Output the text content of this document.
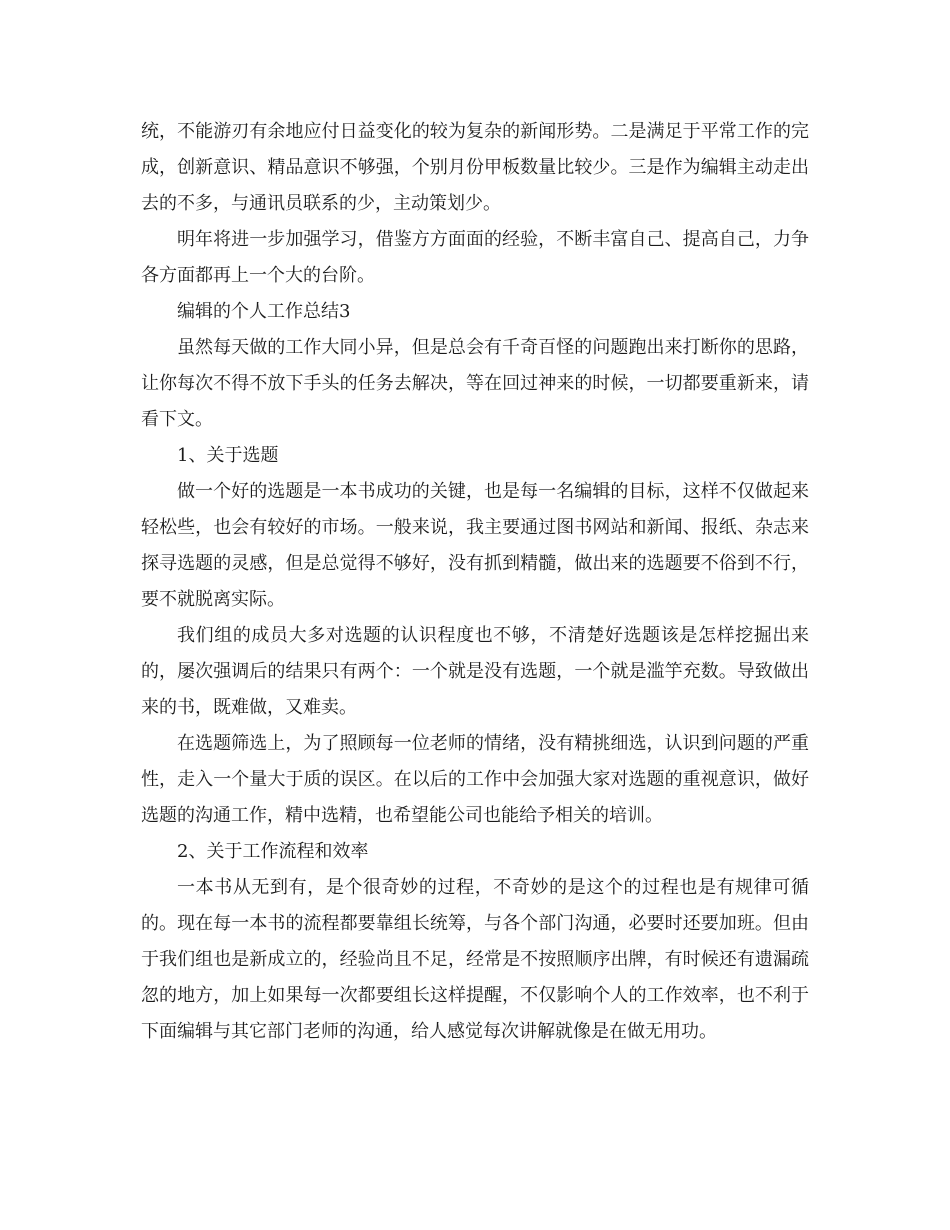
统，不能游刃有余地应付日益变化的较为复杂的新闻形势。二是满足于平常工作的完成，创新意识、精品意识不够强，个别月份甲板数量比较少。三是作为编辑主动走出去的不多，与通讯员联系的少，主动策划少。

明年将进一步加强学习，借鉴方方面面的经验，不断丰富自己、提高自己，力争各方面都再上一个大的台阶。

编辑的个人工作总结3

虽然每天做的工作大同小异，但是总会有千奇百怪的问题跑出来打断你的思路，让你每次不得不放下手头的任务去解决，等在回过神来的时候，一切都要重新来，请看下文。

1、关于选题

做一个好的选题是一本书成功的关键，也是每一名编辑的目标，这样不仅做起来轻松些，也会有较好的市场。一般来说，我主要通过图书网站和新闻、报纸、杂志来探寻选题的灵感，但是总觉得不够好，没有抓到精髓，做出来的选题要不俗到不行，要不就脱离实际。

我们组的成员大多对选题的认识程度也不够，不清楚好选题该是怎样挖掘出来的，屡次强调后的结果只有两个：一个就是没有选题，一个就是滥竽充数。导致做出来的书，既难做，又难卖。

在选题筛选上，为了照顾每一位老师的情绪，没有精挑细选，认识到问题的严重性，走入一个量大于质的误区。在以后的工作中会加强大家对选题的重视意识，做好选题的沟通工作，精中选精，也希望能公司也能给予相关的培训。

2、关于工作流程和效率

一本书从无到有，是个很奇妙的过程，不奇妙的是这个的过程也是有规律可循的。现在每一本书的流程都要靠组长统筹，与各个部门沟通，必要时还要加班。但由于我们组也是新成立的，经验尚且不足，经常是不按照顺序出牌，有时候还有遗漏疏忽的地方，加上如果每一次都要组长这样提醒，不仅影响个人的工作效率，也不利于下面编辑与其它部门老师的沟通，给人感觉每次讲解就像是在做无用功。
